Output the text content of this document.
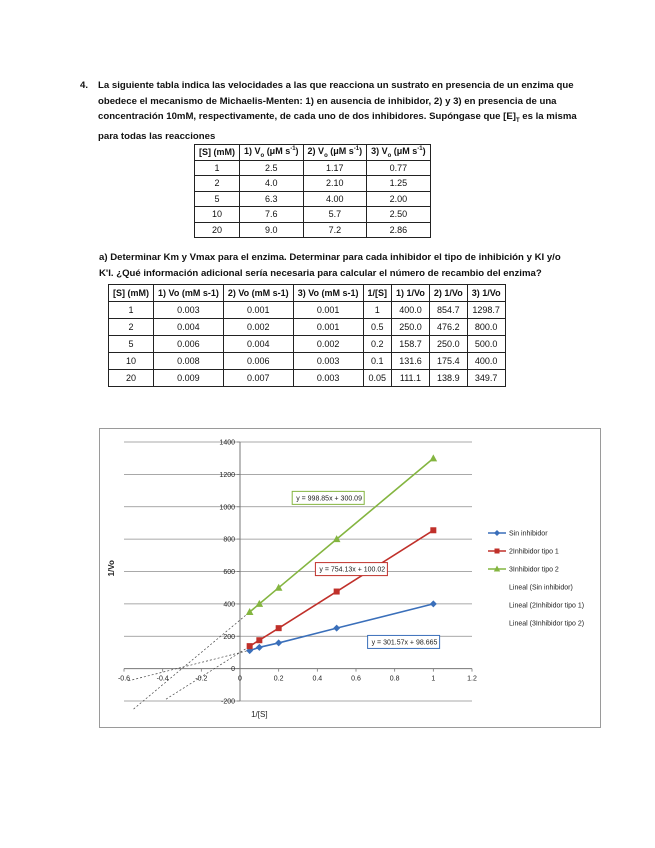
4. La siguiente tabla indica las velocidades a las que reacciona un sustrato en presencia de un enzima que
obedece el mecanismo de Michaelis-Menten: 1) en ausencia de inhibidor, 2) y 3) en presencia de una
concentración 10mM, respectivamente, de cada uno de dos inhibidores. Supóngase que $[E]_T$ es la misma
para todas las reacciones
[S] (mM)	1) $V_o$ (μM $s^{-1}$)	2) $V_o$ (μM $s^{-1}$)	3) $V_o$ (μM $s^{-1}$)
1	2.5	1.17	0.77
2	4.0	2.10	1.25
5	6.3	4.00	2.00
10	7.6	5.7	2.50
20	9.0	7.2	2.86
a) Determinar Km y Vmax para el enzima. Determinar para cada inhibidor el tipo de inhibición y KI y/o
K'I. ¿Qué información adicional sería necesaria para calcular el número de recambio del enzima?
[S] (mM)	1) Vo (mM s-1)	2) Vo (mM s-1)	3) Vo (mM s-1)	1/[S]	1) 1/Vo	2) 1/Vo	3) 1/Vo
1	0.003	0.001	0.001	1	400.0	854.7	1298.7
2	0.004	0.002	0.001	0.5	250.0	476.2	800.0
5	0.006	0.004	0.002	0.2	158.7	250.0	500.0
10	0.008	0.006	0.003	0.1	131.6	175.4	400.0
20	0.009	0.007	0.003	0.05	111.1	138.9	349.7
-0.6	-0.4	-0.2	0	0.2	0.4	0.6	0.8	1	1.2
-200
0
200
400
600
800
1000
1200
1400
1/[S]
1/Vo
y = 301.57x + 98.665
y = 754.13x + 100.02
y = 998.85x + 300.09
Sin inhibidor
2Inhibidor tipo 1
3Inhibidor tipo 2
Lineal (Sin inhibidor)
Lineal (2Inhibidor tipo 1)
Lineal (3Inhibidor tipo 2)
